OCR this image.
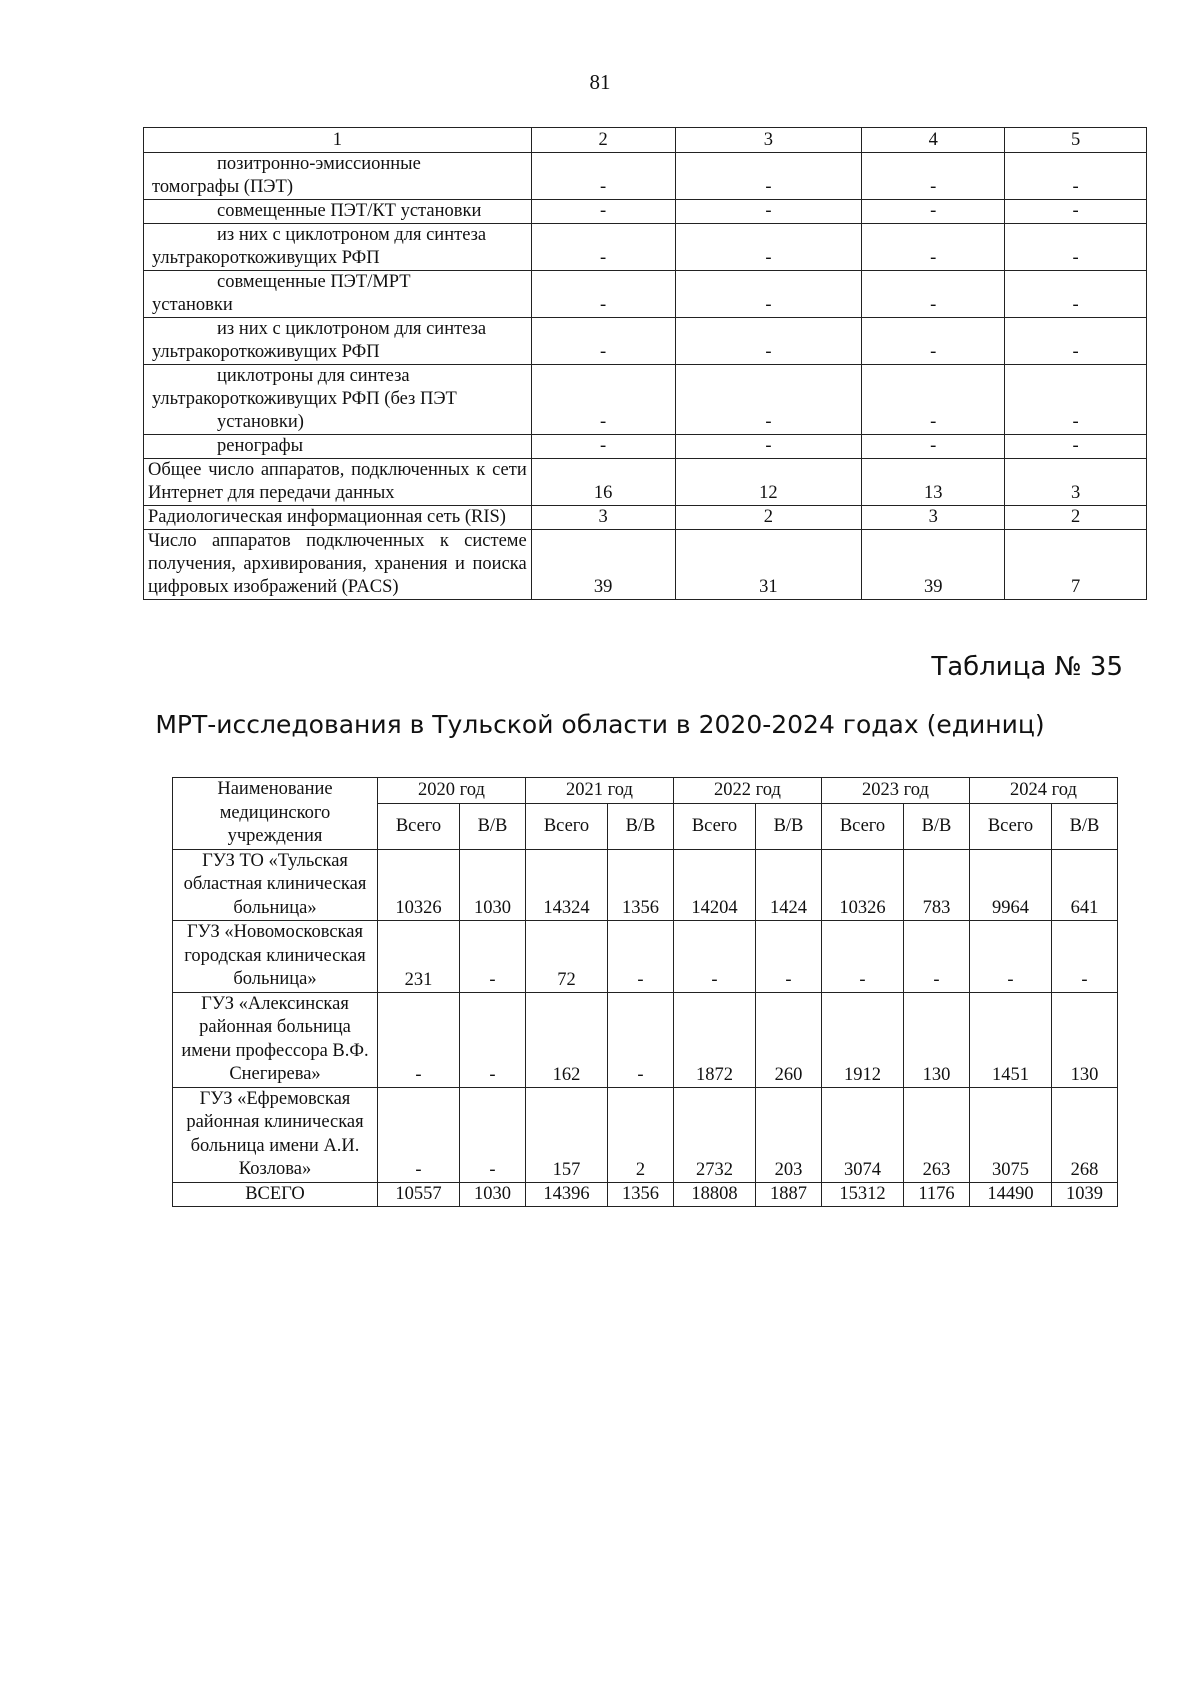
81
1	2	3	4	5

позитронно-эмиссионные
томографы (ПЭТ)	-	-	-	-

совмещенные ПЭТ/КТ установки	-	-	-	-

из них с циклотроном для синтеза
ультракороткоживущих РФП	-	-	-	-

совмещенные ПЭТ/МРТ
установки	-	-	-	-

из них с циклотроном для синтеза
ультракороткоживущих РФП	-	-	-	-

циклотроны для синтеза
ультракороткоживущих РФП (без ПЭТ
установки)	-	-	-	-

ренографы	-	-	-	-
Общее число аппаратов, подключенных к сети Интернет для передачи данных	16	12	13	3
Радиологическая информационная сеть (RIS)	3	2	3	2
Число аппаратов подключенных к системе получения, архивирования, хранения и поиска цифровых изображений (PACS)	39	31	39	7
Таблица № 35
МРТ-исследования в Тульской области в 2020-2024 годах (единиц)
Наименование медицинского учреждения	2020 год		2021 год		2022 год		2023 год		2024 год	
	Всего	В/В	Всего	В/В	Всего	В/В	Всего	В/В	Всего	В/В
ГУЗ ТО «Тульская областная клиническая больница»	10326	1030	14324	1356	14204	1424	10326	783	9964	641
ГУЗ «Новомосковская городская клиническая больница»	231	-	72	-	-	-	-	-	-	-
ГУЗ «Алексинская районная больница имени профессора В.Ф. Снегирева»	-	-	162	-	1872	260	1912	130	1451	130
ГУЗ «Ефремовская районная клиническая больница имени А.И. Козлова»	-	-	157	2	2732	203	3074	263	3075	268
ВСЕГО	10557	1030	14396	1356	18808	1887	15312	1176	14490	1039
